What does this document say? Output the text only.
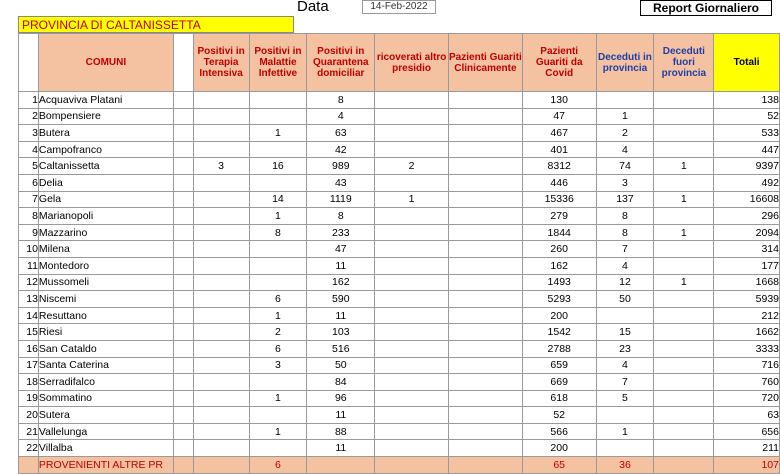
Data	14-Feb-2022	Report Giornaliero
PROVINCIA DI CALTANISSETTA
	COMUNI		Positivi in Terapia Intensiva	Positivi in Malattie Infettive	Positivi in Quarantena domiciliar	ricoverati altro presidio	Pazienti Guariti Clinicamente	Pazienti Guariti da Covid	Deceduti in provincia	Deceduti fuori provincia	Totali
1	Acquaviva Platani				8			130			138
2	Bompensiere				4			47	1		52
3	Butera			1	63			467	2		533
4	Campofranco				42			401	4		447
5	Caltanissetta		3	16	989	2		8312	74	1	9397
6	Delia				43			446	3		492
7	Gela			14	1119	1		15336	137	1	16608
8	Marianopoli			1	8			279	8		296
9	Mazzarino			8	233			1844	8	1	2094
10	Milena				47			260	7		314
11	Montedoro				11			162	4		177
12	Mussomeli				162			1493	12	1	1668
13	Niscemi			6	590			5293	50		5939
14	Resuttano			1	11			200			212
15	Riesi			2	103			1542	15		1662
16	San Cataldo			6	516			2788	23		3333
17	Santa Caterina			3	50			659	4		716
18	Serradifalco				84			669	7		760
19	Sommatino			1	96			618	5		720
20	Sutera				11			52			63
21	Vallelunga			1	88			566	1		656
22	Villalba				11			200			211
	PROVENIENTI ALTRE PR			6				65	36		107
